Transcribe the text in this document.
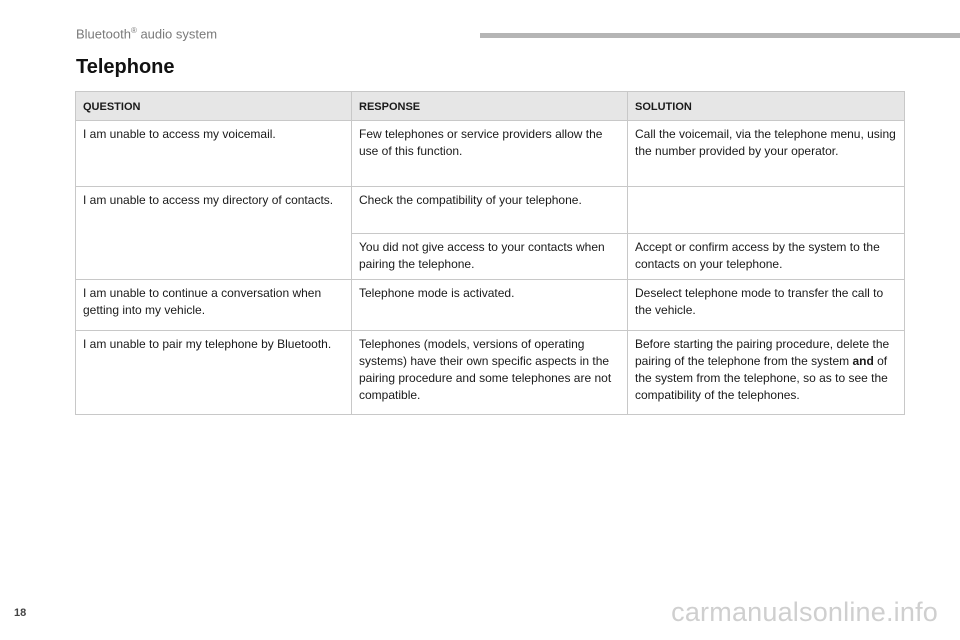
Bluetooth® audio system
Telephone
QUESTION	RESPONSE	SOLUTION
I am unable to access my voicemail.	Few telephones or service providers allow the use of this function.	Call the voicemail, via the telephone menu, using the number provided by your operator.
I am unable to access my directory of contacts.	Check the compatibility of your telephone.	
	You did not give access to your contacts when pairing the telephone.	Accept or confirm access by the system to the contacts on your telephone.
I am unable to continue a conversation when getting into my vehicle.	Telephone mode is activated.	Deselect telephone mode to transfer the call to the vehicle.
I am unable to pair my telephone by Bluetooth.	Telephones (models, versions of operating systems) have their own specific aspects in the pairing procedure and some telephones are not compatible.	Before starting the pairing procedure, delete the pairing of the telephone from the system and of the system from the telephone, so as to see the compatibility of the telephones.
18	carmanualsonline.info
